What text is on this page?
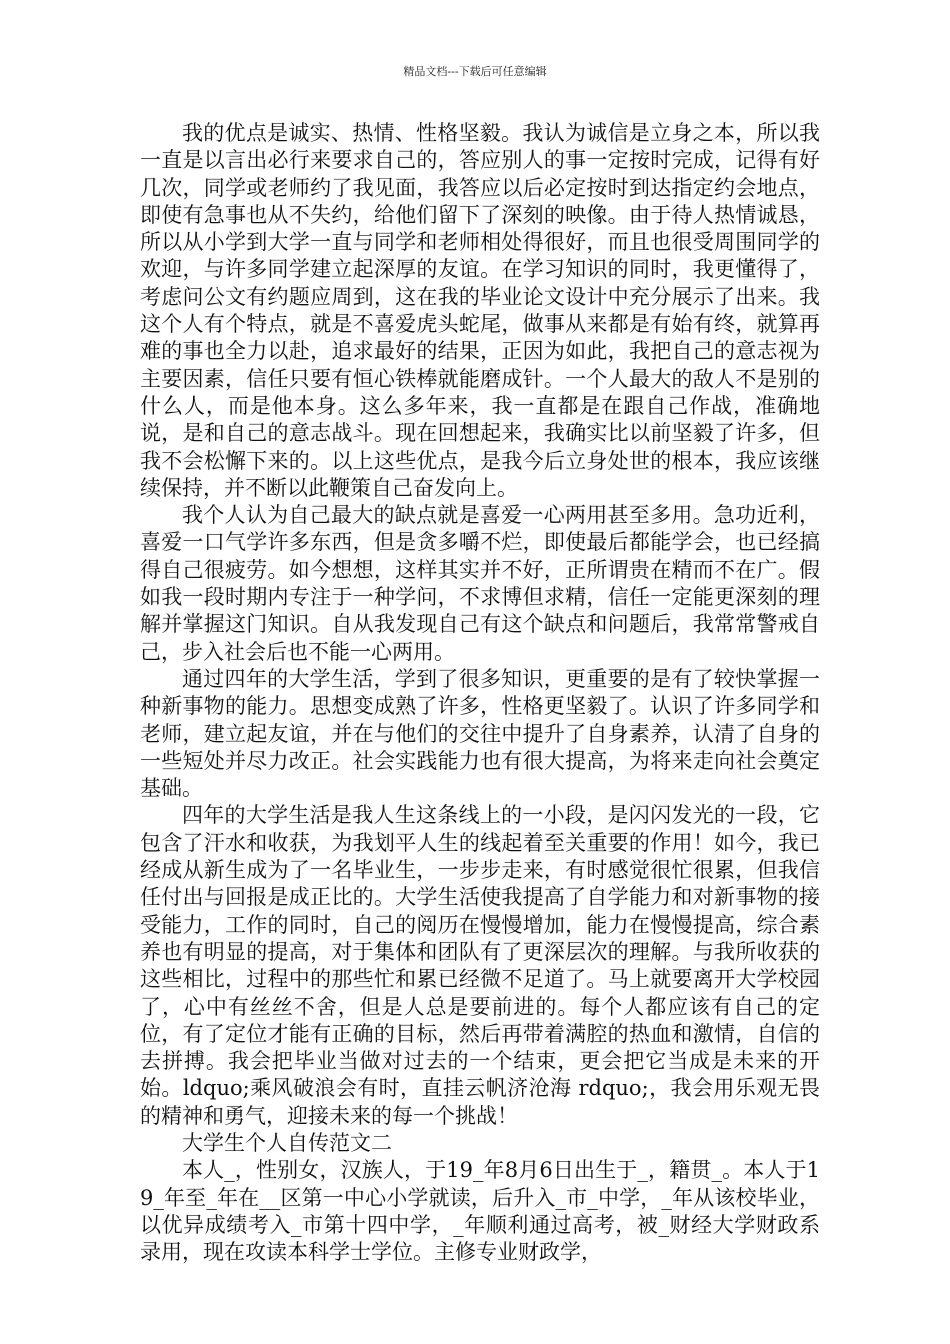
精品文档---下载后可任意编辑

我的优点是诚实、热情、性格坚毅。我认为诚信是立身之本，所以我一直是以言出必行来要求自己的，答应别人的事一定按时完成，记得有好几次，同学或老师约了我见面，我答应以后必定按时到达指定约会地点，即使有急事也从不失约，给他们留下了深刻的映像。由于待人热情诚恳，所以从小学到大学一直与同学和老师相处得很好，而且也很受周围同学的欢迎，与许多同学建立起深厚的友谊。在学习知识的同时，我更懂得了，考虑问公文有约题应周到，这在我的毕业论文设计中充分展示了出来。我这个人有个特点，就是不喜爱虎头蛇尾，做事从来都是有始有终，就算再难的事也全力以赴，追求最好的结果，正因为如此，我把自己的意志视为主要因素，信任只要有恒心铁棒就能磨成针。一个人最大的敌人不是别的什么人，而是他本身。这么多年来，我一直都是在跟自己作战，准确地说，是和自己的意志战斗。现在回想起来，我确实比以前坚毅了许多，但我不会松懈下来的。以上这些优点，是我今后立身处世的根本，我应该继续保持，并不断以此鞭策自己奋发向上。

我个人认为自己最大的缺点就是喜爱一心两用甚至多用。急功近利，喜爱一口气学许多东西，但是贪多嚼不烂，即使最后都能学会，也已经搞得自己很疲劳。如今想想，这样其实并不好，正所谓贵在精而不在广。假如我一段时期内专注于一种学问，不求博但求精，信任一定能更深刻的理解并掌握这门知识。自从我发现自己有这个缺点和问题后，我常常警戒自己，步入社会后也不能一心两用。

通过四年的大学生活，学到了很多知识，更重要的是有了较快掌握一种新事物的能力。思想变成熟了许多，性格更坚毅了。认识了许多同学和老师，建立起友谊，并在与他们的交往中提升了自身素养，认清了自身的一些短处并尽力改正。社会实践能力也有很大提高，为将来走向社会奠定基础。

四年的大学生活是我人生这条线上的一小段，是闪闪发光的一段，它包含了汗水和收获，为我划平人生的线起着至关重要的作用！如今，我已经成从新生成为了一名毕业生，一步步走来，有时感觉很忙很累，但我信任付出与回报是成正比的。大学生活使我提高了自学能力和对新事物的接受能力，工作的同时，自己的阅历在慢慢增加，能力在慢慢提高，综合素养也有明显的提高，对于集体和团队有了更深层次的理解。与我所收获的这些相比，过程中的那些忙和累已经微不足道了。马上就要离开大学校园了，心中有丝丝不舍，但是人总是要前进的。每个人都应该有自己的定位，有了定位才能有正确的目标，然后再带着满腔的热血和激情，自信的去拼搏。我会把毕业当做对过去的一个结束，更会把它当成是未来的开始。ldquo;乘风破浪会有时，直挂云帆济沧海 rdquo;，我会用乐观无畏的精神和勇气，迎接未来的每一个挑战！

大学生个人自传范文二

本人_，性别女，汉族人，于19_年8月6日出生于_，籍贯_。本人于19_年至_年在__区第一中心小学就读，后升入_市_中学，_年从该校毕业，以优异成绩考入_市第十四中学，_年顺利通过高考，被_财经大学财政系录用，现在攻读本科学士学位。主修专业财政学，
